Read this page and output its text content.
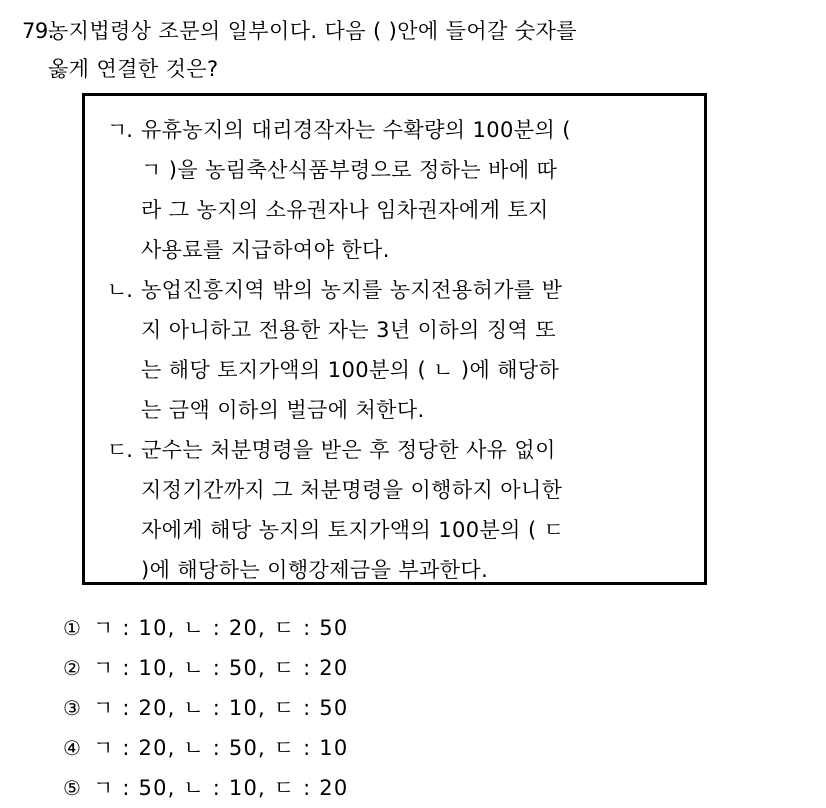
79.
농지법령상 조문의 일부이다. 다음 ( )안에 들어갈 숫자를
옳게 연결한 것은?
ㄱ. 유휴농지의 대리경작자는 수확량의 100분의 (
ㄱ )을 농림축산식품부령으로 정하는 바에 따
라 그 농지의 소유권자나 임차권자에게 토지
사용료를 지급하여야 한다.
ㄴ. 농업진흥지역 밖의 농지를 농지전용허가를 받
지 아니하고 전용한 자는 3년 이하의 징역 또
는 해당 토지가액의 100분의 ( ㄴ )에 해당하
는 금액 이하의 벌금에 처한다.
ㄷ. 군수는 처분명령을 받은 후 정당한 사유 없이
지정기간까지 그 처분명령을 이행하지 아니한
자에게 해당 농지의 토지가액의 100분의 ( ㄷ
)에 해당하는 이행강제금을 부과한다.
① ㄱ : 10, ㄴ : 20, ㄷ : 50
② ㄱ : 10, ㄴ : 50, ㄷ : 20
③ ㄱ : 20, ㄴ : 10, ㄷ : 50
④ ㄱ : 20, ㄴ : 50, ㄷ : 10
⑤ ㄱ : 50, ㄴ : 10, ㄷ : 20
